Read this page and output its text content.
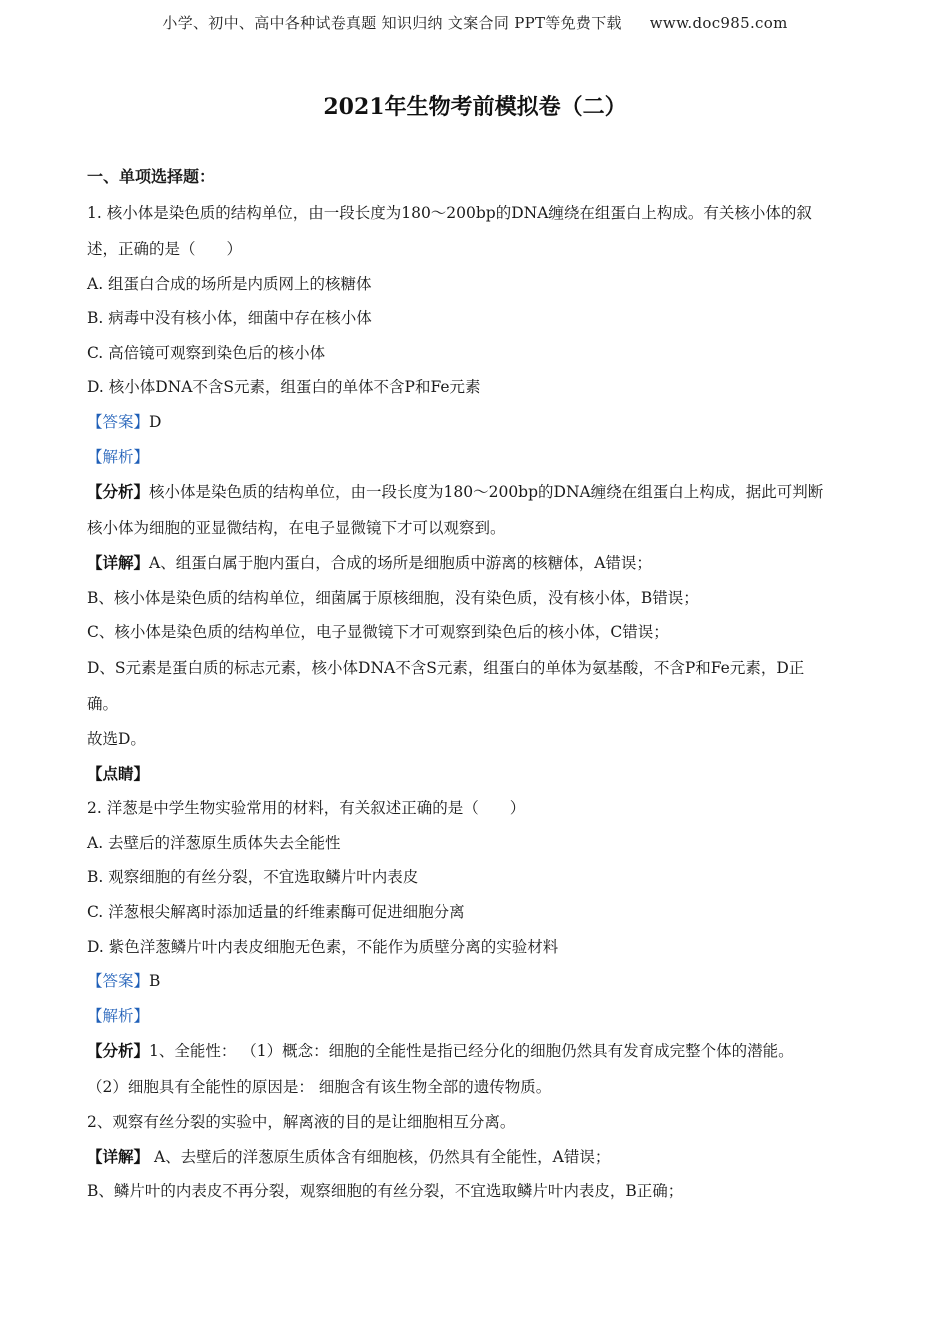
小学、初中、高中各种试卷真题 知识归纳 文案合同 PPT等免费下载 www.doc985.com
2021年生物考前模拟卷（二）
一、单项选择题：
1. 核小体是染色质的结构单位，由一段长度为180～200bp的DNA缠绕在组蛋白上构成。有关核小体的叙
述，正确的是（　　）
A. 组蛋白合成的场所是内质网上的核糖体
B. 病毒中没有核小体，细菌中存在核小体
C. 高倍镜可观察到染色后的核小体
D. 核小体DNA不含S元素，组蛋白的单体不含P和Fe元素
【答案】D
【解析】
【分析】核小体是染色质的结构单位，由一段长度为180～200bp的DNA缠绕在组蛋白上构成，据此可判断
核小体为细胞的亚显微结构，在电子显微镜下才可以观察到。
【详解】A、组蛋白属于胞内蛋白，合成的场所是细胞质中游离的核糖体，A错误；
B、核小体是染色质的结构单位，细菌属于原核细胞，没有染色质，没有核小体，B错误；
C、核小体是染色质的结构单位，电子显微镜下才可观察到染色后的核小体，C错误；
D、S元素是蛋白质的标志元素，核小体DNA不含S元素，组蛋白的单体为氨基酸，不含P和Fe元素，D正
确。
故选D。
【点睛】
2. 洋葱是中学生物实验常用的材料，有关叙述正确的是（　　）
A. 去壁后的洋葱原生质体失去全能性
B. 观察细胞的有丝分裂，不宜选取鳞片叶内表皮
C. 洋葱根尖解离时添加适量的纤维素酶可促进细胞分离
D. 紫色洋葱鳞片叶内表皮细胞无色素，不能作为质壁分离的实验材料
【答案】B
【解析】
【分析】1、全能性： （1）概念：细胞的全能性是指已经分化的细胞仍然具有发育成完整个体的潜能。
（2）细胞具有全能性的原因是： 细胞含有该生物全部的遗传物质。
2、观察有丝分裂的实验中，解离液的目的是让细胞相互分离。
【详解】 A、去壁后的洋葱原生质体含有细胞核，仍然具有全能性，A错误；
B、鳞片叶的内表皮不再分裂，观察细胞的有丝分裂，不宜选取鳞片叶内表皮，B正确；
